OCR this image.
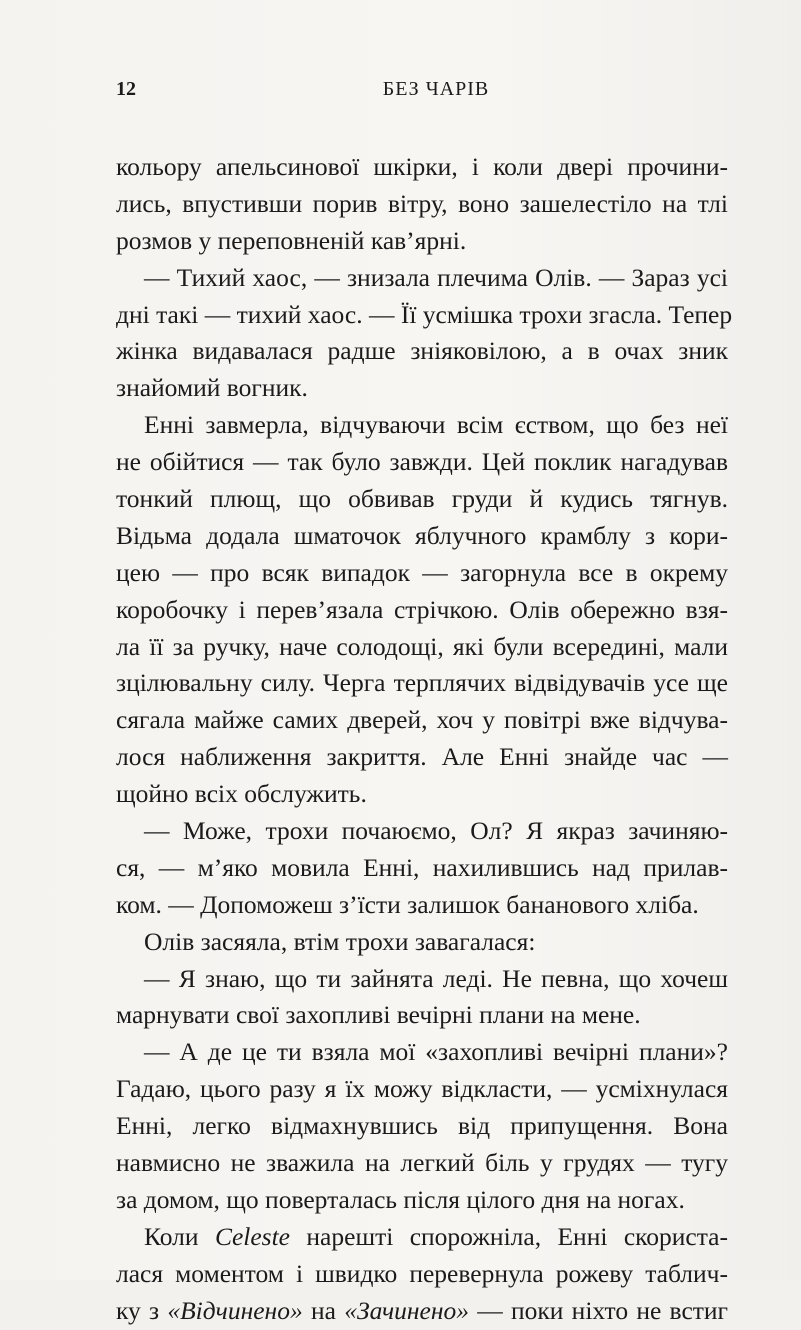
12	БЕЗ ЧАРІВ
кольору апельсинової шкірки, і коли двері прочини-
лись, впустивши порив вітру, воно зашелестіло на тлі
розмов у переповненій кав’ярні.
— Тихий хаос, — знизала плечима Олів. — Зараз усі
дні такі — тихий хаос. — Її усмішка трохи згасла. Тепер
жінка видавалася радше зніяковілою, а в очах зник
знайомий вогник.
Енні завмерла, відчуваючи всім єством, що без неї
не обійтися — так було завжди. Цей поклик нагадував
тонкий плющ, що обвивав груди й кудись тягнув.
Відьма додала шматочок яблучного крамблу з кори-
цею — про всяк випадок — загорнула все в окрему
коробочку і перев’язала стрічкою. Олів обережно взя-
ла її за ручку, наче солодощі, які були всередині, мали
зцілювальну силу. Черга терплячих відвідувачів усе ще
сягала майже самих дверей, хоч у повітрі вже відчува-
лося наближення закриття. Але Енні знайде час —
щойно всіх обслужить.
— Може, трохи почаюємо, Ол? Я якраз зачиняю-
ся, — м’яко мовила Енні, нахилившись над прилав-
ком. — Допоможеш з’їсти залишок бананового хліба.
Олів засяяла, втім трохи завагалася:
— Я знаю, що ти зайнята леді. Не певна, що хочеш
марнувати свої захопливі вечірні плани на мене.
— А де це ти взяла мої «захопливі вечірні плани»?
Гадаю, цього разу я їх можу відкласти, — усміхнулася
Енні, легко відмахнувшись від припущення. Вона
навмисно не зважила на легкий біль у грудях — тугу
за домом, що поверталась після цілого дня на ногах.
Коли Celeste нарешті спорожніла, Енні скориста-
лася моментом і швидко перевернула рожеву таблич-
ку з «Відчинено» на «Зачинено» — поки ніхто не встиг
